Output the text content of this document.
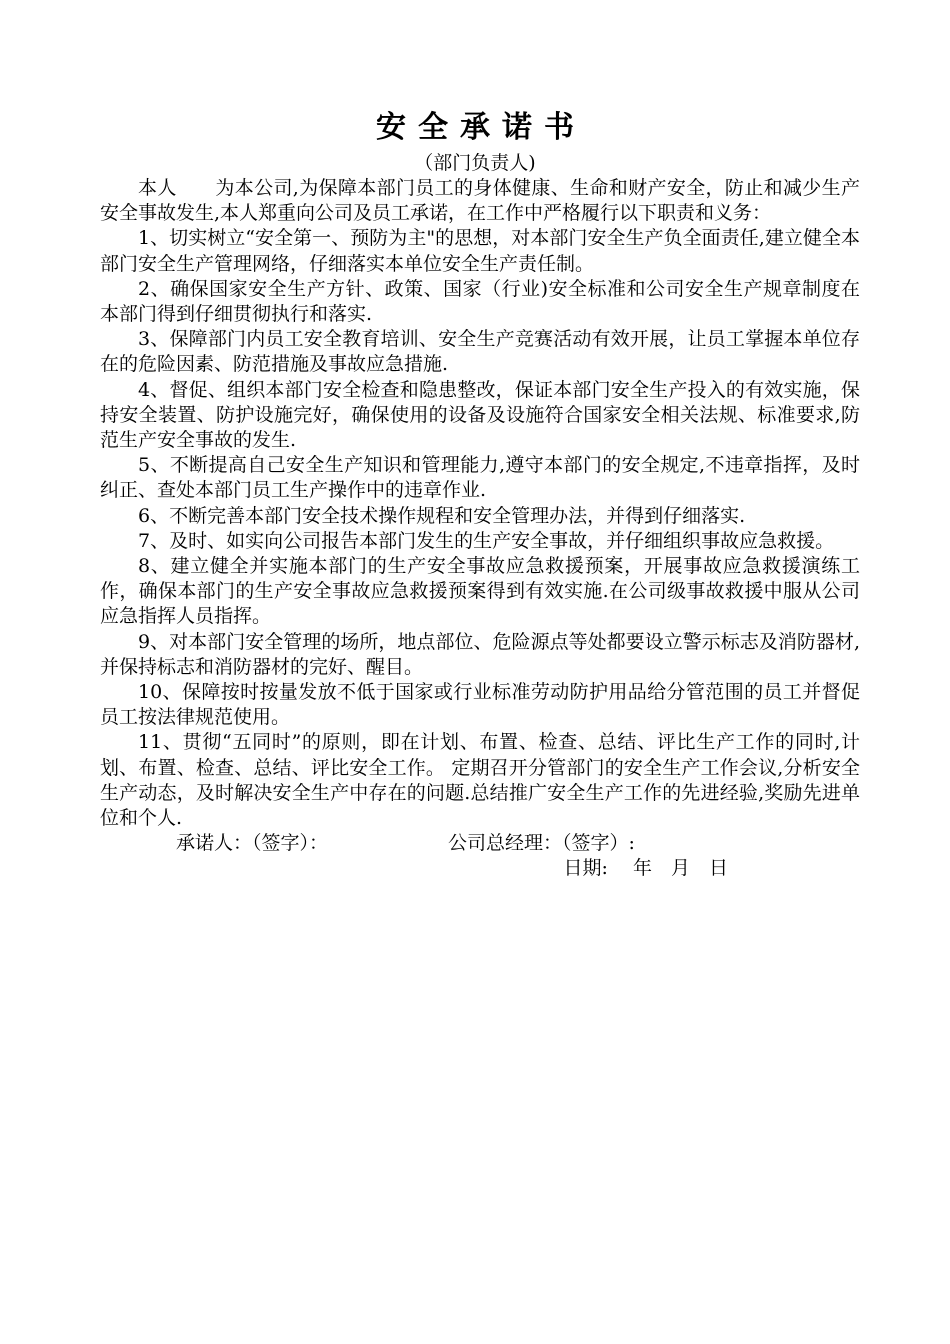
安全承诺书
（部门负责人)

本人　　为本公司,为保障本部门员工的身体健康、生命和财产安全，防止和减少生产安全事故发生,本人郑重向公司及员工承诺，在工作中严格履行以下职责和义务：

1、切实树立“安全第一、预防为主"的思想，对本部门安全生产负全面责任,建立健全本部门安全生产管理网络，仔细落实本单位安全生产责任制。

2、确保国家安全生产方针、政策、国家（行业)安全标准和公司安全生产规章制度在本部门得到仔细贯彻执行和落实.

3、保障部门内员工安全教育培训、安全生产竞赛活动有效开展，让员工掌握本单位存在的危险因素、防范措施及事故应急措施.

4、督促、组织本部门安全检查和隐患整改，保证本部门安全生产投入的有效实施，保持安全装置、防护设施完好，确保使用的设备及设施符合国家安全相关法规、标准要求,防范生产安全事故的发生.

5、不断提高自己安全生产知识和管理能力,遵守本部门的安全规定,不违章指挥，及时纠正、查处本部门员工生产操作中的违章作业.

6、不断完善本部门安全技术操作规程和安全管理办法，并得到仔细落实.

7、及时、如实向公司报告本部门发生的生产安全事故，并仔细组织事故应急救援。

8、建立健全并实施本部门的生产安全事故应急救援预案，开展事故应急救援演练工作，确保本部门的生产安全事故应急救援预案得到有效实施.在公司级事故救援中服从公司应急指挥人员指挥。

9、对本部门安全管理的场所，地点部位、危险源点等处都要设立警示标志及消防器材,并保持标志和消防器材的完好、醒目。

10、保障按时按量发放不低于国家或行业标准劳动防护用品给分管范围的员工并督促员工按法律规范使用。

11、贯彻“五同时”的原则，即在计划、布置、检查、总结、评比生产工作的同时,计划、布置、检查、总结、评比安全工作。 定期召开分管部门的安全生产工作会议,分析安全生产动态，及时解决安全生产中存在的问题.总结推广安全生产工作的先进经验,奖励先进单位和个人.

承诺人：（签字）：	公司总经理：（签字）:
日期:　 年　月　日
